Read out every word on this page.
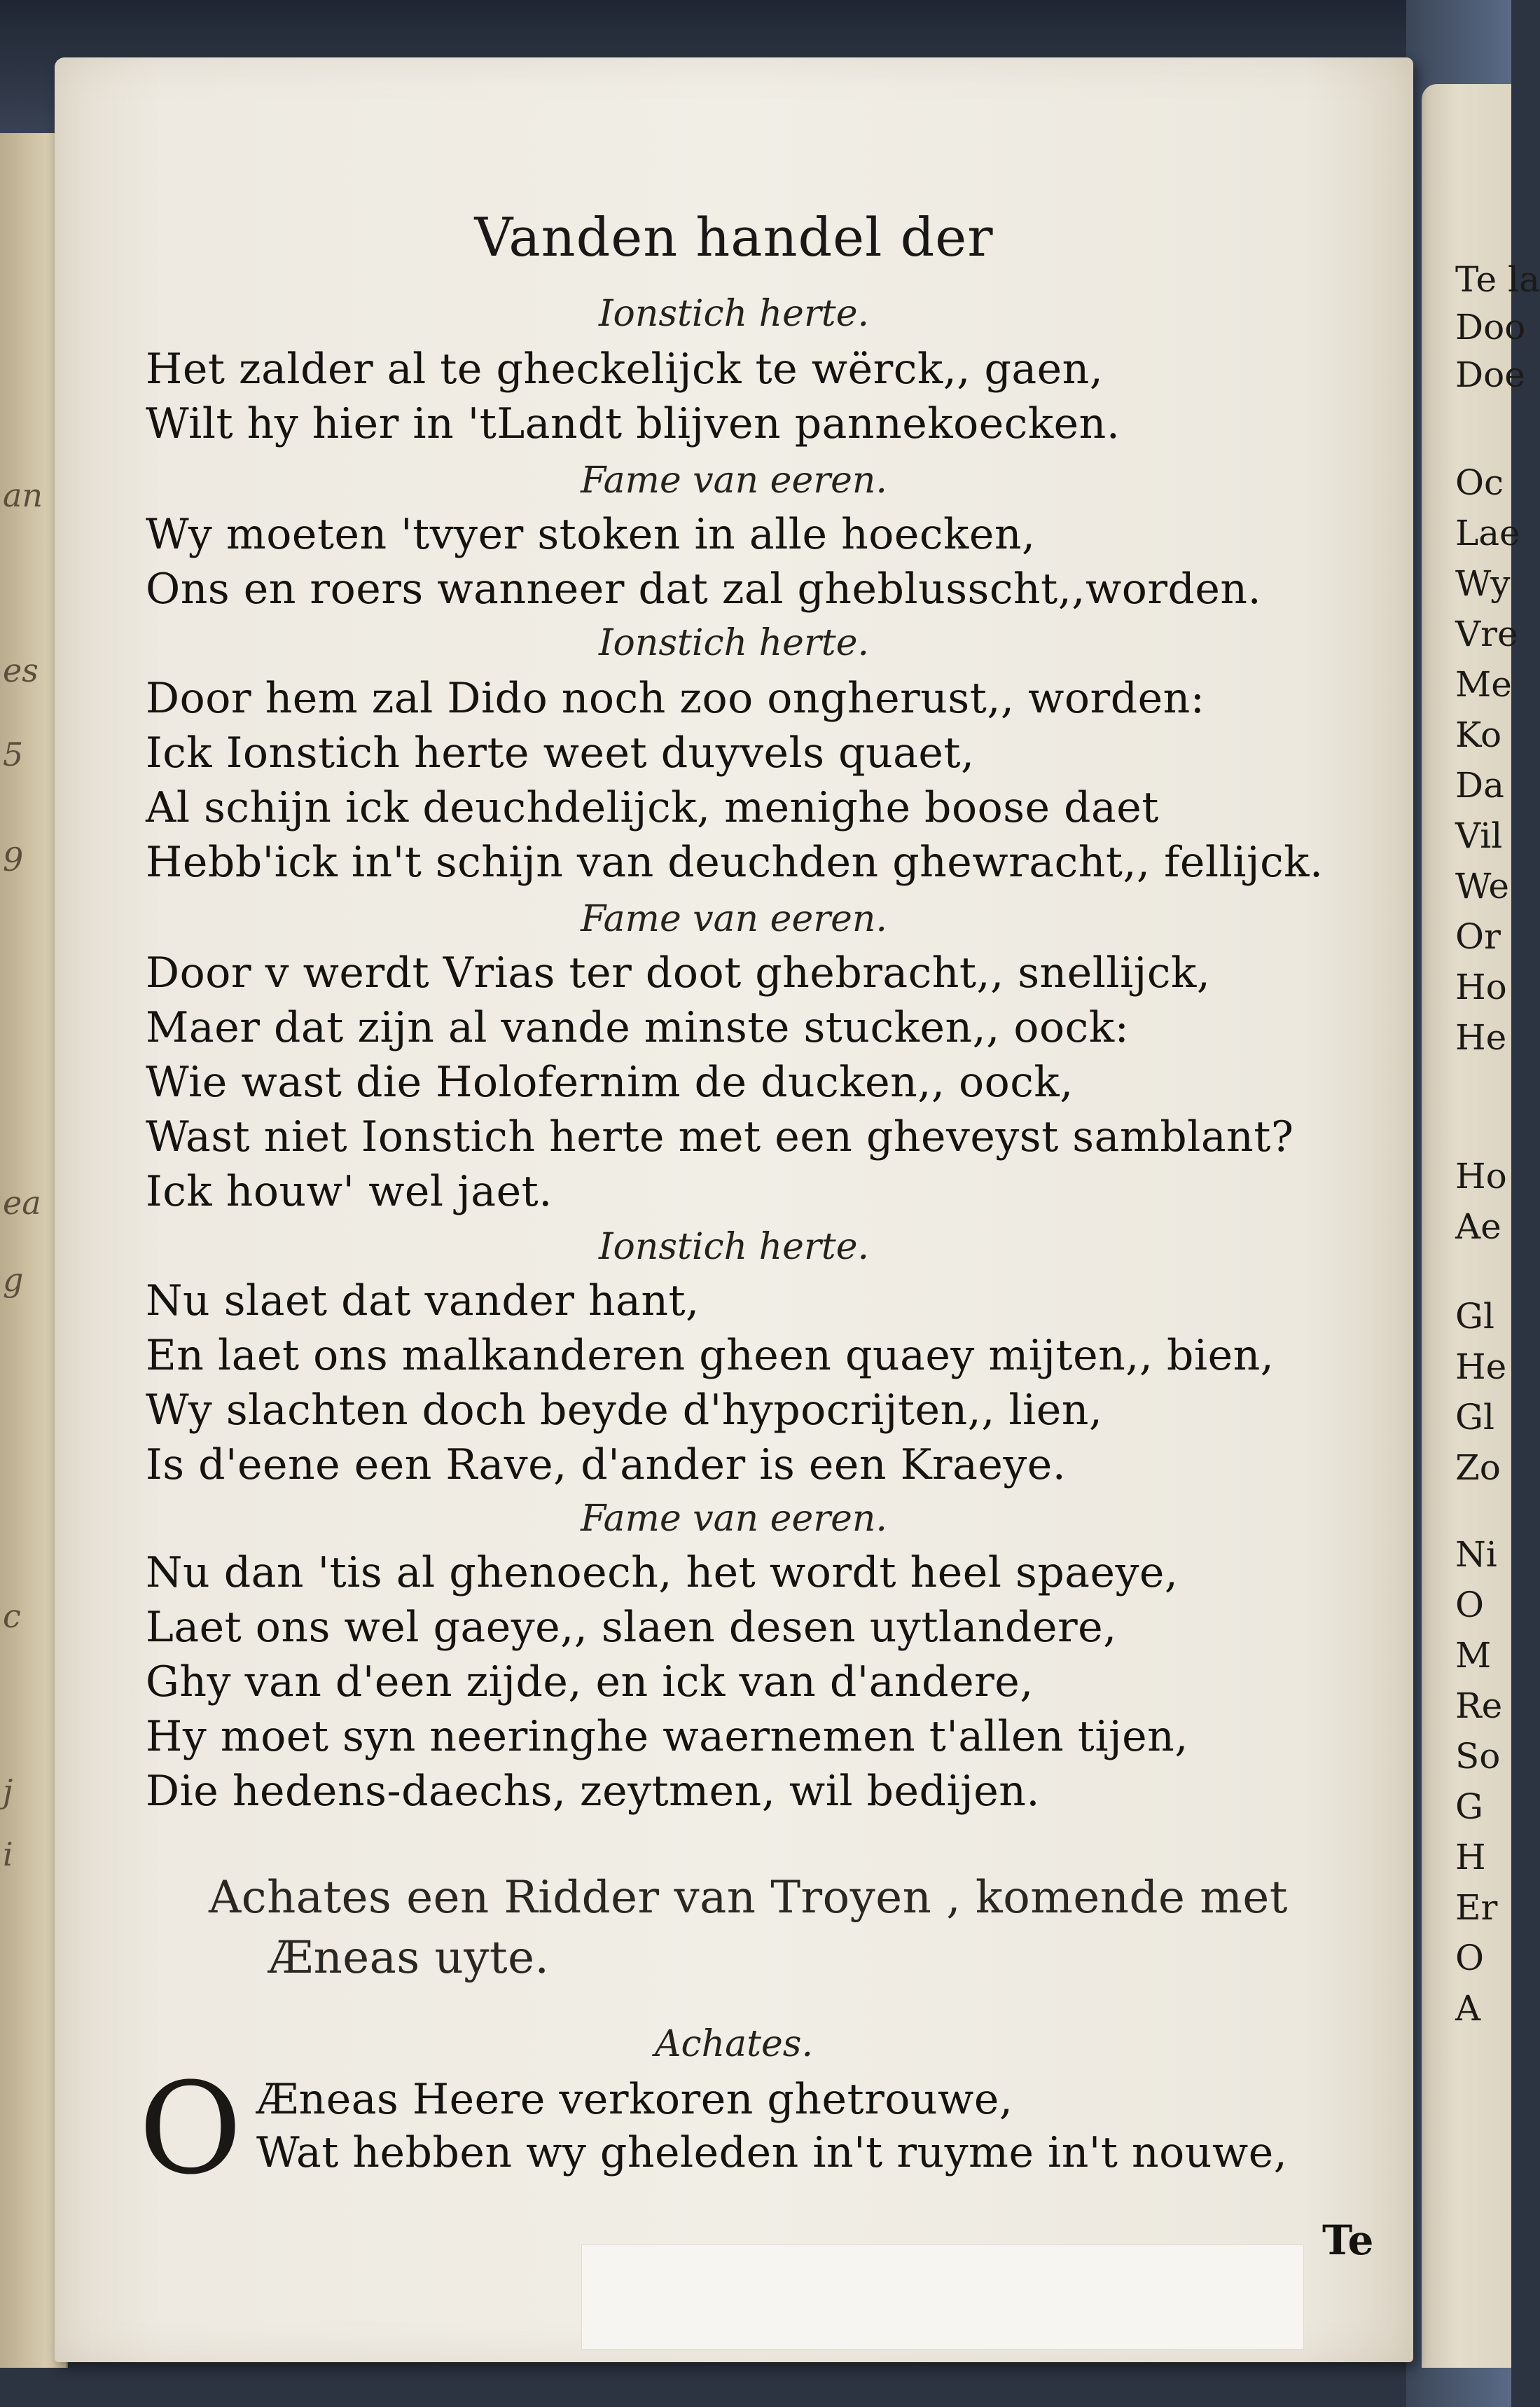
an
es
5
9
ea
g
c
j
i
Te la
Doo
Doe
Oc
Lae
Wy
Vre
Me
Ko
Da
Vil
We
Or
Ho
He
Ho
Ae
Gl
He
Gl
Zo
Ni
O
M
Re
So
G
H
Er
O
A
Vanden handel der
Ionstich herte.
Het zalder al te gheckelijck te wërck,, gaen,
Wilt hy hier in 'tLandt blijven pannekoecken.
Fame van eeren.
Wy moeten 'tvyer stoken in alle hoecken,
Ons en roers wanneer dat zal gheblusscht,,worden.
Ionstich herte.
Door hem zal Dido noch zoo ongherust,, worden:
Ick Ionstich herte weet duyvels quaet,
Al schijn ick deuchdelijck, menighe boose daet
Hebb'ick in't schijn van deuchden ghewracht,, fellijck.
Fame van eeren.
Door v werdt Vrias ter doot ghebracht,, snellijck,
Maer dat zijn al vande minste stucken,, oock:
Wie wast die Holofernim de ducken,, oock,
Wast niet Ionstich herte met een gheveyst samblant?
Ick houw' wel jaet.
Ionstich herte.
Nu slaet dat vander hant,
En laet ons malkanderen gheen quaey mijten,, bien,
Wy slachten doch beyde d'hypocrijten,, lien,
Is d'eene een Rave, d'ander is een Kraeye.
Fame van eeren.
Nu dan 'tis al ghenoech, het wordt heel spaeye,
Laet ons wel gaeye,, slaen desen uytlandere,
Ghy van d'een zijde, en ick van d'andere,
Hy moet syn neeringhe waernemen t'allen tijen,
Die hedens-daechs, zeytmen, wil bedijen.
Achates een Ridder van Troyen , komende met
Æneas uyte.
Achates.
O Æneas Heere verkoren ghetrouwe,
Wat hebben wy gheleden in't ruyme in't nouwe,
Te
